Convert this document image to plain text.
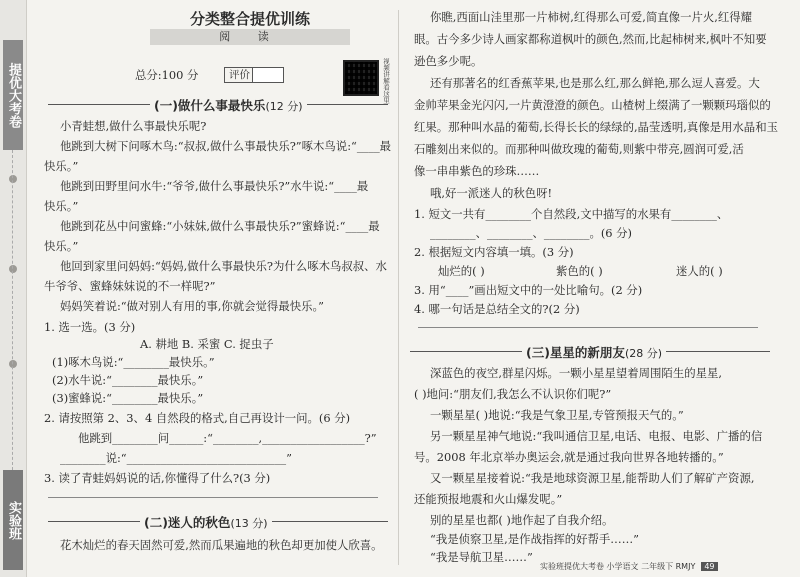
提优大考卷
实验班
分类整合提优训练
阅 读
总分:100 分	评价	视频讲解看这里
(一)做什么事最快乐(12 分)
小青蛙想,做什么事最快乐呢?
他跳到大树下问啄木鸟:“叔叔,做什么事最快乐?”啄木鸟说:“____最
快乐。”
他跳到田野里问水牛:“爷爷,做什么事最快乐?”水牛说:“____最
快乐。”
他跳到花丛中问蜜蜂:“小妹妹,做什么事最快乐?”蜜蜂说:“____最
快乐。”
他回到家里问妈妈:“妈妈,做什么事最快乐?为什么啄木鸟叔叔、水
牛爷爷、蜜蜂妹妹说的不一样呢?”
妈妈笑着说:“做对别人有用的事,你就会觉得最快乐。”
1. 选一选。(3 分)
A. 耕地 B. 采蜜 C. 捉虫子
(1)啄木鸟说:“________最快乐。”
(2)水牛说:“________最快乐。”
(3)蜜蜂说:“________最快乐。”
2. 请按照第 2、3、4 自然段的格式,自己再设计一问。(6 分)
他跳到________问______:“________,__________________?”
________说:“____________________________”
3. 读了青蛙妈妈说的话,你懂得了什么?(3 分)
(二)迷人的秋色(13 分)
花木灿烂的春天固然可爱,然而瓜果遍地的秋色却更加使人欣喜。
你瞧,西面山洼里那一片柿树,红得那么可爱,简直像一片火,红得耀
眼。古今多少诗人画家都称道枫叶的颜色,然而,比起柿树来,枫叶不知要
逊色多少呢。
还有那著名的红香蕉苹果,也是那么红,那么鲜艳,那么逗人喜爱。大
金帅苹果金光闪闪,一片黄澄澄的颜色。山楂树上缀满了一颗颗玛瑙似的
红果。那种叫水晶的葡萄,长得长长的绿绿的,晶莹透明,真像是用水晶和玉
石雕刻出来似的。而那种叫做玫瑰的葡萄,则紫中带亮,圆润可爱,活
像一串串紫色的珍珠……
哦,好一派迷人的秋色呀!
1. 短文一共有________个自然段,文中描写的水果有________、
________、________、________。(6 分)
2. 根据短文内容填一填。(3 分)
灿烂的( )	紫色的( )	迷人的( )
3. 用“____”画出短文中的一处比喻句。(2 分)
4. 哪一句话是总结全文的?(2 分)
(三)星星的新朋友(28 分)
深蓝色的夜空,群星闪烁。一颗小星星望着周围陌生的星星,
( )地问:“朋友们,我怎么不认识你们呢?”
一颗星星( )地说:“我是气象卫星,专管预报天气的。”
另一颗星星神气地说:“我叫通信卫星,电话、电报、电影、广播的信
号。2008 年北京举办奥运会,就是通过我向世界各地转播的。”
又一颗星星接着说:“我是地球资源卫星,能帮助人们了解矿产资源,
还能预报地震和火山爆发呢。”
别的星星也都( )地作起了自我介绍。
“我是侦察卫星,是作战指挥的好帮手……”
“我是导航卫星……”
实验班提优大考卷 小学语文 二年级下 RMJY 49
